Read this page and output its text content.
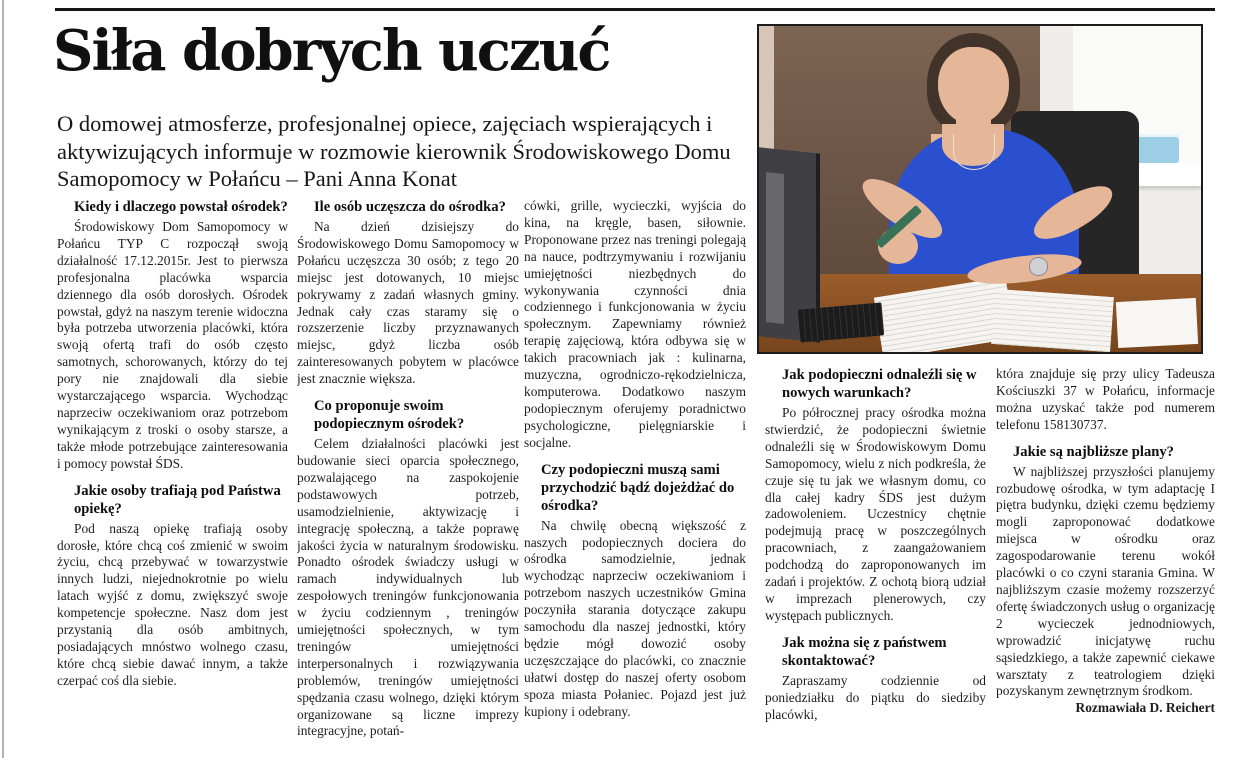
Siła dobrych uczuć

O domowej atmosferze, profesjonalnej opiece, zajęciach wspierających i aktywizujących informuje w rozmowie kierownik Środowiskowego Domu Samopomocy w Połańcu – Pani Anna Konat

Kiedy i dlaczego powstał ośrodek?

Środowiskowy Dom Samopomocy w Połańcu TYP C rozpoczął swoją działalność 17.12.2015r. Jest to pierwsza profesjonalna placówka wsparcia dziennego dla osób dorosłych. Ośrodek powstał, gdyż na naszym terenie widoczna była potrzeba utworzenia placówki, która swoją ofertą trafi do osób często samotnych, schorowanych, którzy do tej pory nie znajdowali dla siebie wystarczającego wsparcia. Wychodząc naprzeciw oczekiwaniom oraz potrzebom wynikającym z troski o osoby starsze, a także młode potrzebujące zainteresowania i pomocy powstał ŚDS.

Jakie osoby trafiają pod Państwa opiekę?

Pod naszą opiekę trafiają osoby dorosłe, które chcą coś zmienić w swoim życiu, chcą przebywać w towarzystwie innych ludzi, niejednokrotnie po wielu latach wyjść z domu, zwiększyć swoje kompetencje społeczne. Nasz dom jest przystanią dla osób ambitnych, posiadających mnóstwo wolnego czasu, które chcą siebie dawać innym, a także czerpać coś dla siebie.

Ile osób uczęszcza do ośrodka?

Na dzień dzisiejszy do Środowiskowego Domu Samopomocy w Połańcu uczęszcza 30 osób; z tego 20 miejsc jest dotowanych, 10 miejsc pokrywamy z zadań własnych gminy. Jednak cały czas staramy się o rozszerzenie liczby przyznawanych miejsc, gdyż liczba osób zainteresowanych pobytem w placówce jest znacznie większa.

Co proponuje swoim podopiecznym ośrodek?

Celem działalności placówki jest budowanie sieci oparcia społecznego, pozwalającego na zaspokojenie podstawowych potrzeb, usamodzielnienie, aktywizację i integrację społeczną, a także poprawę jakości życia w naturalnym środowisku. Ponadto ośrodek świadczy usługi w ramach indywidualnych lub zespołowych treningów funkcjonowania w życiu codziennym , treningów umiejętności społecznych, w tym treningów umiejętności interpersonalnych i rozwiązywania problemów, treningów umiejętności spędzania czasu wolnego, dzięki którym organizowane są liczne imprezy integracyjne, potań-

cówki, grille, wycieczki, wyjścia do kina, na kręgle, basen, siłownie. Proponowane przez nas treningi polegają na nauce, podtrzymywaniu i rozwijaniu umiejętności niezbędnych do wykonywania czynności dnia codziennego i funkcjonowania w życiu społecznym. Zapewniamy również terapię zajęciową, która odbywa się w takich pracowniach jak : kulinarna, muzyczna, ogrodniczo-rękodzielnicza, komputerowa. Dodatkowo naszym podopiecznym oferujemy poradnictwo psychologiczne, pielęgniarskie i socjalne.

Czy podopieczni muszą sami przychodzić bądź dojeżdżać do ośrodka?

Na chwilę obecną większość z naszych podopiecznych dociera do ośrodka samodzielnie, jednak wychodząc naprzeciw oczekiwaniom i potrzebom naszych uczestników Gmina poczyniła starania dotyczące zakupu samochodu dla naszej jednostki, który będzie mógł dowozić osoby uczęszczające do placówki, co znacznie ułatwi dostęp do naszej oferty osobom spoza miasta Połaniec. Pojazd jest już kupiony i odebrany.

Jak podopieczni odnaleźli się w nowych warunkach?

Po półrocznej pracy ośrodka można stwierdzić, że podopieczni świetnie odnaleźli się w Środowiskowym Domu Samopomocy, wielu z nich podkreśla, że czuje się tu jak we własnym domu, co dla całej kadry ŚDS jest dużym zadowoleniem. Uczestnicy chętnie podejmują pracę w poszczególnych pracowniach, z zaangażowaniem podchodzą do zaproponowanych im zadań i projektów. Z ochotą biorą udział w imprezach plenerowych, czy występach publicznych.

Jak można się z państwem skontaktować?

Zapraszamy codziennie od poniedziałku do piątku do siedziby placówki,

która znajduje się przy ulicy Tadeusza Kościuszki 37 w Połańcu, informacje można uzyskać także pod numerem telefonu 158130737.

Jakie są najbliższe plany?

W najbliższej przyszłości planujemy rozbudowę ośrodka, w tym adaptację I piętra budynku, dzięki czemu będziemy mogli zaproponować dodatkowe miejsca w ośrodku oraz zagospodarowanie terenu wokół placówki o co czyni starania Gmina. W najbliższym czasie możemy rozszerzyć ofertę świadczonych usług o organizację 2 wycieczek jednodniowych, wprowadzić inicjatywę ruchu sąsiedzkiego, a także zapewnić ciekawe warsztaty z teatrologiem dzięki pozyskanym zewnętrznym środkom.

Rozmawiała D. Reichert
